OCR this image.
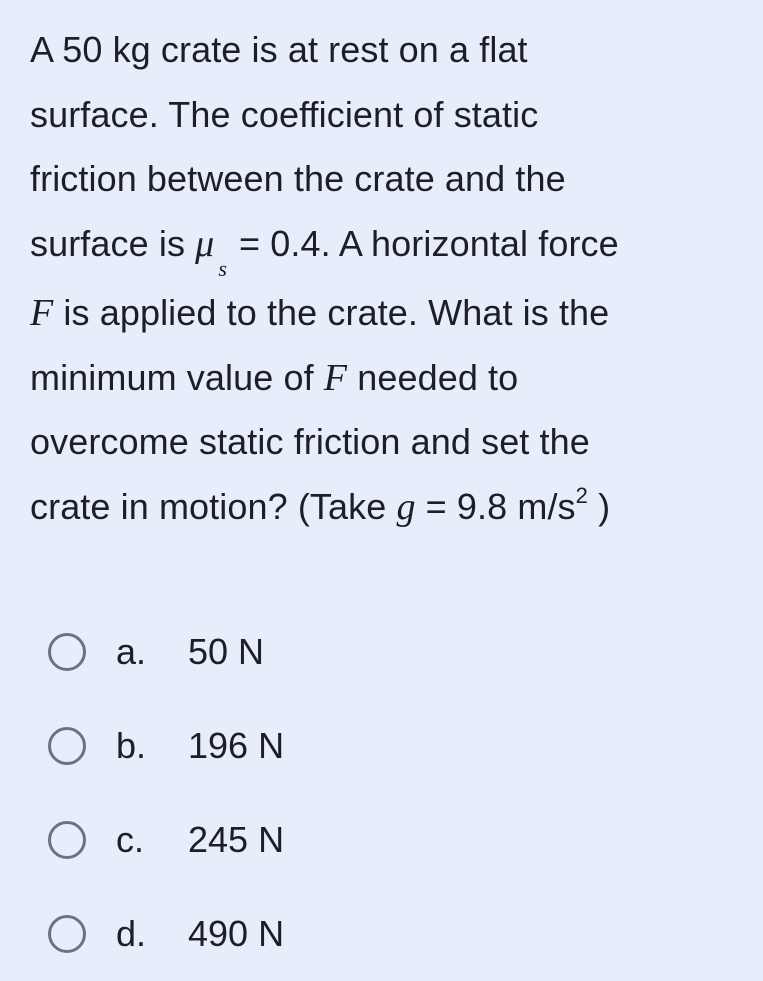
A 50 kg crate is at rest on a flat
surface. The coefficient of static
friction between the crate and the
surface is $\mu_s= 0.4$. A horizontal force
F is applied to the crate. What is the
minimum value of F needed to
overcome static friction and set the
crate in motion? (Take g = 9.8 $m/s^2$ )
a.	50 N
b.	196 N
c.	245 N
d.	490 N
